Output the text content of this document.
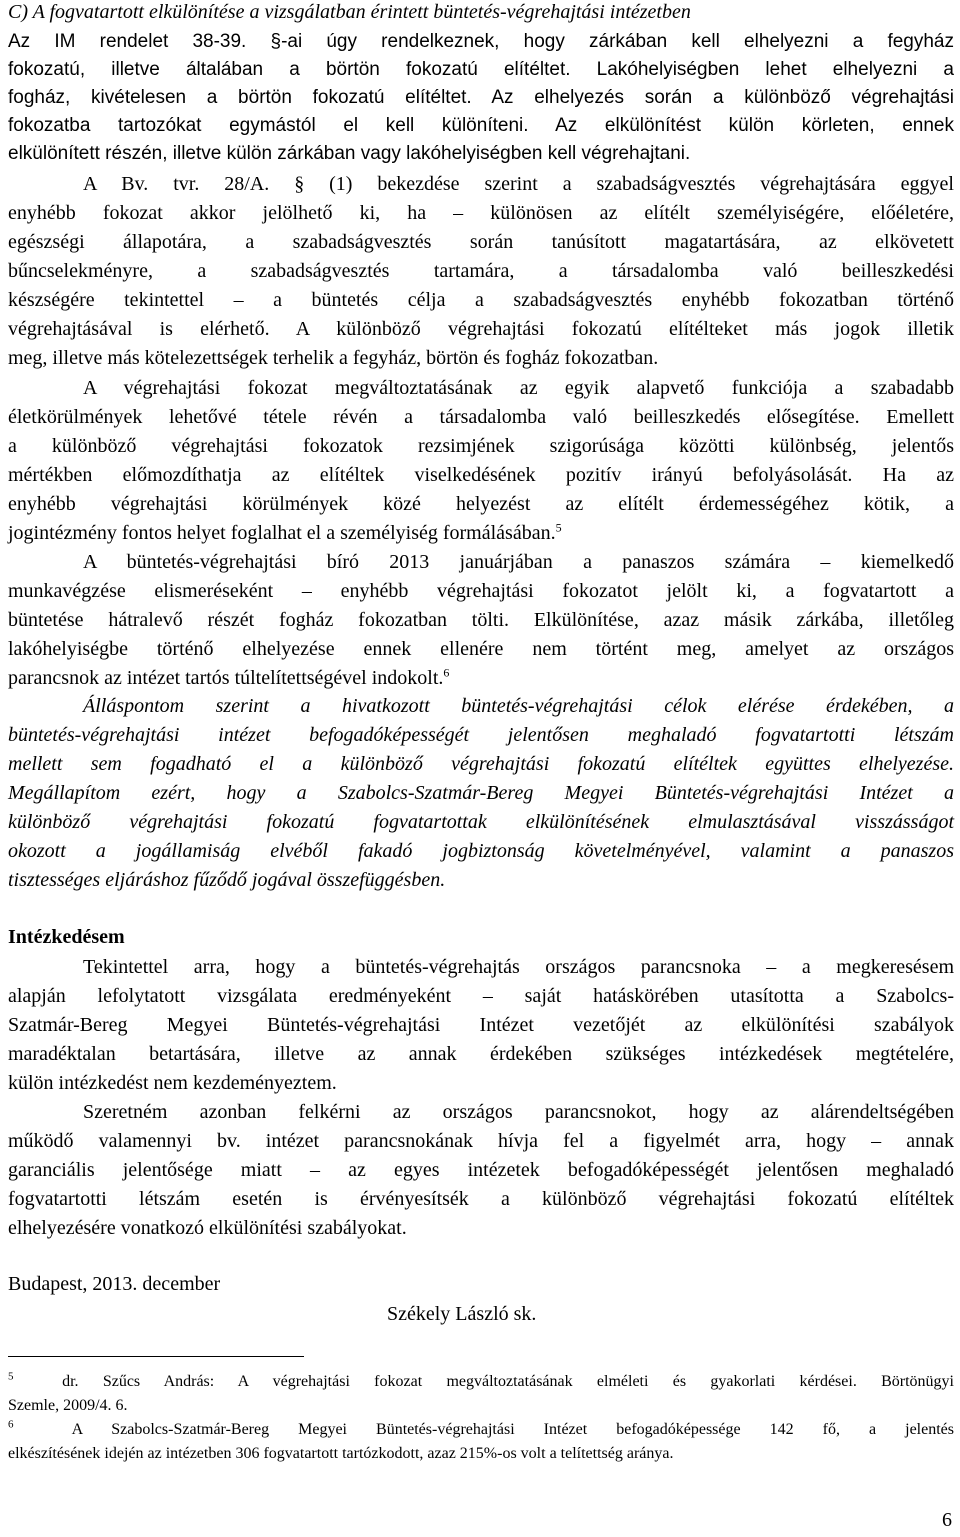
C) A fogvatartott elkülönítése a vizsgálatban érintett büntetés-végrehajtási intézetben
Az IM rendelet 38-39. §-ai úgy rendelkeznek, hogy zárkában kell elhelyezni a fegyház
fokozatú, illetve általában a börtön fokozatú elítéltet. Lakóhelyiségben lehet elhelyezni a
fogház, kivételesen a börtön fokozatú elítéltet. Az elhelyezés során a különböző végrehajtási
fokozatba tartozókat egymástól el kell különíteni. Az elkülönítést külön körleten, ennek
elkülönített részén, illetve külön zárkában vagy lakóhelyiségben kell végrehajtani.
A Bv. tvr. 28/A. § (1) bekezdése szerint a szabadságvesztés végrehajtására eggyel
enyhébb fokozat akkor jelölhető ki, ha – különösen az elítélt személyiségére, előéletére,
egészségi állapotára, a szabadságvesztés során tanúsított magatartására, az elkövetett
bűncselekményre, a szabadságvesztés tartamára, a társadalomba való beilleszkedési
készségére tekintettel – a büntetés célja a szabadságvesztés enyhébb fokozatban történő
végrehajtásával is elérhető. A különböző végrehajtási fokozatú elítélteket más jogok illetik
meg, illetve más kötelezettségek terhelik a fegyház, börtön és fogház fokozatban.
A végrehajtási fokozat megváltoztatásának az egyik alapvető funkciója a szabadabb
életkörülmények lehetővé tétele révén a társadalomba való beilleszkedés elősegítése. Emellett
a különböző végrehajtási fokozatok rezsimjének szigorúsága közötti különbség, jelentős
mértékben előmozdíthatja az elítéltek viselkedésének pozitív irányú befolyásolását. Ha az
enyhébb végrehajtási körülmények közé helyezést az elítélt érdemességéhez kötik, a
jogintézmény fontos helyet foglalhat el a személyiség formálásában.$^5$
A büntetés-végrehajtási bíró 2013 januárjában a panaszos számára – kiemelkedő
munkavégzése elismeréseként – enyhébb végrehajtási fokozatot jelölt ki, a fogvatartott a
büntetése hátralevő részét fogház fokozatban tölti. Elkülönítése, azaz másik zárkába, illetőleg
lakóhelyiségbe történő elhelyezése ennek ellenére nem történt meg, amelyet az országos
parancsnok az intézet tartós túltelítettségével indokolt.$^6$
Álláspontom szerint a hivatkozott büntetés-végrehajtási célok elérése érdekében, a
büntetés-végrehajtási intézet befogadóképességét jelentősen meghaladó fogvatartotti létszám
mellett sem fogadható el a különböző végrehajtási fokozatú elítéltek együttes elhelyezése.
Megállapítom ezért, hogy a Szabolcs-Szatmár-Bereg Megyei Büntetés-végrehajtási Intézet a
különböző végrehajtási fokozatú fogvatartottak elkülönítésének elmulasztásával visszásságot
okozott a jogállamiság elvéből fakadó jogbiztonság követelményével, valamint a panaszos
tisztességes eljáráshoz fűződő jogával összefüggésben.
Tekintettel arra, hogy a büntetés-végrehajtás országos parancsnoka – a megkeresésem
alapján lefolytatott vizsgálata eredményeként – saját hatáskörében utasította a Szabolcs-
Szatmár-Bereg Megyei Büntetés-végrehajtási Intézet vezetőjét az elkülönítési szabályok
maradéktalan betartására, illetve az annak érdekében szükséges intézkedések megtételére,
külön intézkedést nem kezdeményeztem.
Szeretném azonban felkérni az országos parancsnokot, hogy az alárendeltségében
működő valamennyi bv. intézet parancsnokának hívja fel a figyelmét arra, hogy – annak
garanciális jelentősége miatt – az egyes intézetek befogadóképességét jelentősen meghaladó
fogvatartotti létszám esetén is érvényesítsék a különböző végrehajtási fokozatú elítéltek
elhelyezésére vonatkozó elkülönítési szabályokat.
Intézkedésem
Budapest, 2013. december
Székely László sk.
$^5$	dr. Szűcs András: A végrehajtási fokozat megváltoztatásának elméleti és gyakorlati kérdései. Börtönügyi
Szemle, 2009/4. 6.
$^6$	A Szabolcs-Szatmár-Bereg Megyei Büntetés-végrehajtási Intézet befogadóképessége 142 fő, a jelentés
elkészítésének idején az intézetben 306 fogvatartott tartózkodott, azaz 215%-os volt a telítettség aránya.
6
